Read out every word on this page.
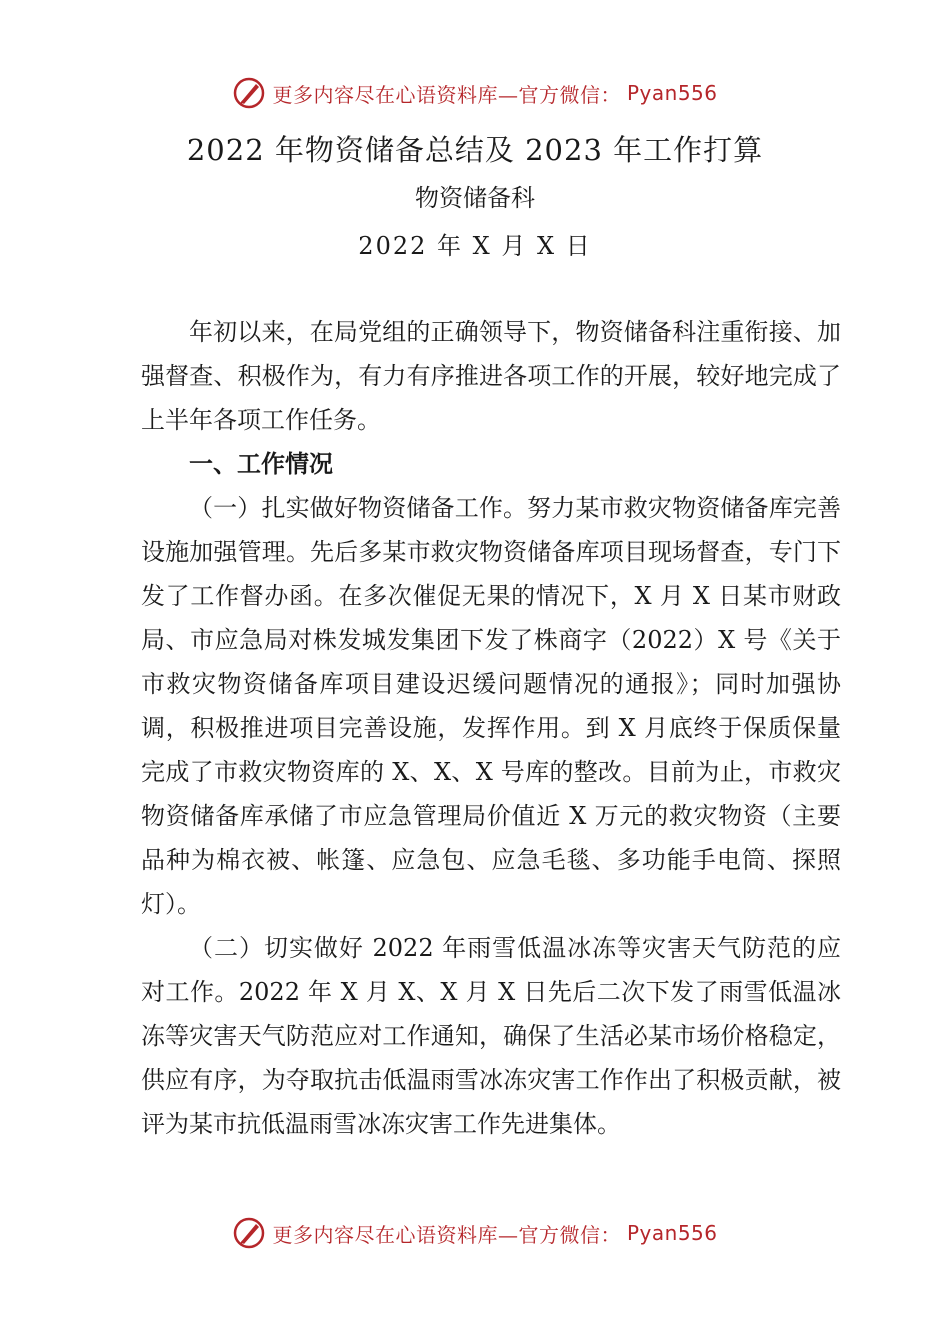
更多内容尽在心语资料库—官方微信： Pyan556
2022 年物资储备总结及 2023 年工作打算
物资储备科
2022 年 X 月 X 日

年初以来，在局党组的正确领导下，物资储备科注重衔接、加强督查、积极作为，有力有序推进各项工作的开展，较好地完成了上半年各项工作任务。

一、工作情况

（一）扎实做好物资储备工作。努力某市救灾物资储备库完善设施加强管理。先后多某市救灾物资储备库项目现场督查，专门下发了工作督办函。在多次催促无果的情况下，X 月 X 日某市财政局、市应急局对株发城发集团下发了株商字（2022）X 号《关于市救灾物资储备库项目建设迟缓问题情况的通报》；同时加强协调，积极推进项目完善设施，发挥作用。到 X 月底终于保质保量完成了市救灾物资库的 X、X、X 号库的整改。目前为止，市救灾物资储备库承储了市应急管理局价值近 X 万元的救灾物资（主要品种为棉衣被、帐篷、应急包、应急毛毯、多功能手电筒、探照灯）。

（二）切实做好 2022 年雨雪低温冰冻等灾害天气防范的应对工作。2022 年 X 月 X、X 月 X 日先后二次下发了雨雪低温冰冻等灾害天气防范应对工作通知，确保了生活必某市场价格稳定，供应有序，为夺取抗击低温雨雪冰冻灾害工作作出了积极贡献，被评为某市抗低温雨雪冰冻灾害工作先进集体。

更多内容尽在心语资料库—官方微信： Pyan556
